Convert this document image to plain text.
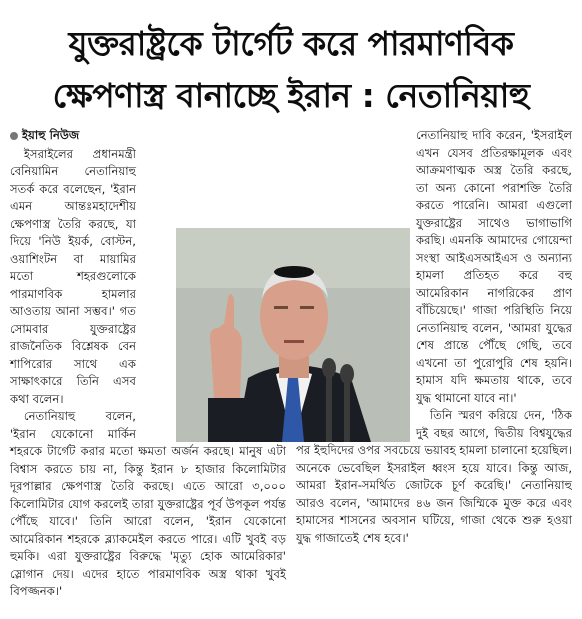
যুক্তরাষ্ট্রকে টার্গেট করে পারমাণবিক
ক্ষেপণাস্ত্র বানাচ্ছে ইরান : নেতানিয়াহু
ইয়াহু নিউজ

ইসরাইলের প্রধানমন্ত্রী বেনিয়ামিন নেতানিয়াহু সতর্ক করে বলেছেন, 'ইরান এমন আন্তঃমহাদেশীয় ক্ষেপণাস্ত্র তৈরি করছে, যা দিয়ে 'নিউ ইয়র্ক, বোস্টন, ওয়াশিংটন বা মায়ামির মতো শহরগুলোকে পারমাণবিক হামলার আওতায় আনা সম্ভব।' গত সোমবার যুক্তরাষ্ট্রের রাজনৈতিক বিশ্লেষক বেন শাপিরোর সাথে এক সাক্ষাৎকারে তিনি এসব কথা বলেন।

নেতানিয়াহু বলেন, 'ইরান যেকোনো মার্কিন শহরকে টার্গেট করার মতো ক্ষমতা অর্জন করছে। মানুষ এটা বিশ্বাস করতে চায় না, কিন্তু ইরান ৮ হাজার কিলোমিটার দূরপাল্লার ক্ষেপণাস্ত্র তৈরি করছে। এতে আরো ৩,০০০ কিলোমিটার যোগ করলেই তারা যুক্তরাষ্ট্রের পূর্ব উপকূল পর্যন্ত পৌঁছে যাবে।' তিনি আরো বলেন, 'ইরান যেকোনো আমেরিকান শহরকে ব্ল্যাকমেইল করতে পারে। এটি খুবই বড় হুমকি। এরা যুক্তরাষ্ট্রের বিরুদ্ধে 'মৃত্যু হোক আমেরিকার' স্লোগান দেয়। এদের হাতে পারমাণবিক অস্ত্র থাকা খুবই বিপজ্জনক।'

নেতানিয়াহু দাবি করেন, 'ইসরাইল এখন যেসব প্রতিরক্ষামূলক এবং আক্রমণাত্মক অস্ত্র তৈরি করছে, তা অন্য কোনো পরাশক্তি তৈরি করতে পারেনি। আমরা এগুলো যুক্তরাষ্ট্রের সাথেও ভাগাভাগি করছি। এমনকি আমাদের গোয়েন্দা সংস্থা আইএসআইএস ও অন্যান্য হামলা প্রতিহত করে বহু আমেরিকান নাগরিকের প্রাণ বাঁচিয়েছে।' গাজা পরিস্থিতি নিয়ে নেতানিয়াহু বলেন, 'আমরা যুদ্ধের শেষ প্রান্তে পৌঁছে গেছি, তবে এখনো তা পুরোপুরি শেষ হয়নি। হামাস যদি ক্ষমতায় থাকে, তবে যুদ্ধ থামানো যাবে না।'

তিনি স্মরণ করিয়ে দেন, 'ঠিক দুই বছর আগে, দ্বিতীয় বিশ্বযুদ্ধের পর ইহুদিদের ওপর সবচেয়ে ভয়াবহ হামলা চালানো হয়েছিল। অনেকে ভেবেছিল ইসরাইল ধ্বংস হয়ে যাবে। কিন্তু আজ, আমরা ইরান-সমর্থিত জোটকে চূর্ণ করেছি।' নেতানিয়াহু আরও বলেন, 'আমাদের ৪৬ জন জিম্মিকে মুক্ত করে এবং হামাসের শাসনের অবসান ঘটিয়ে, গাজা থেকে শুরু হওয়া যুদ্ধ গাজাতেই শেষ হবে।'
